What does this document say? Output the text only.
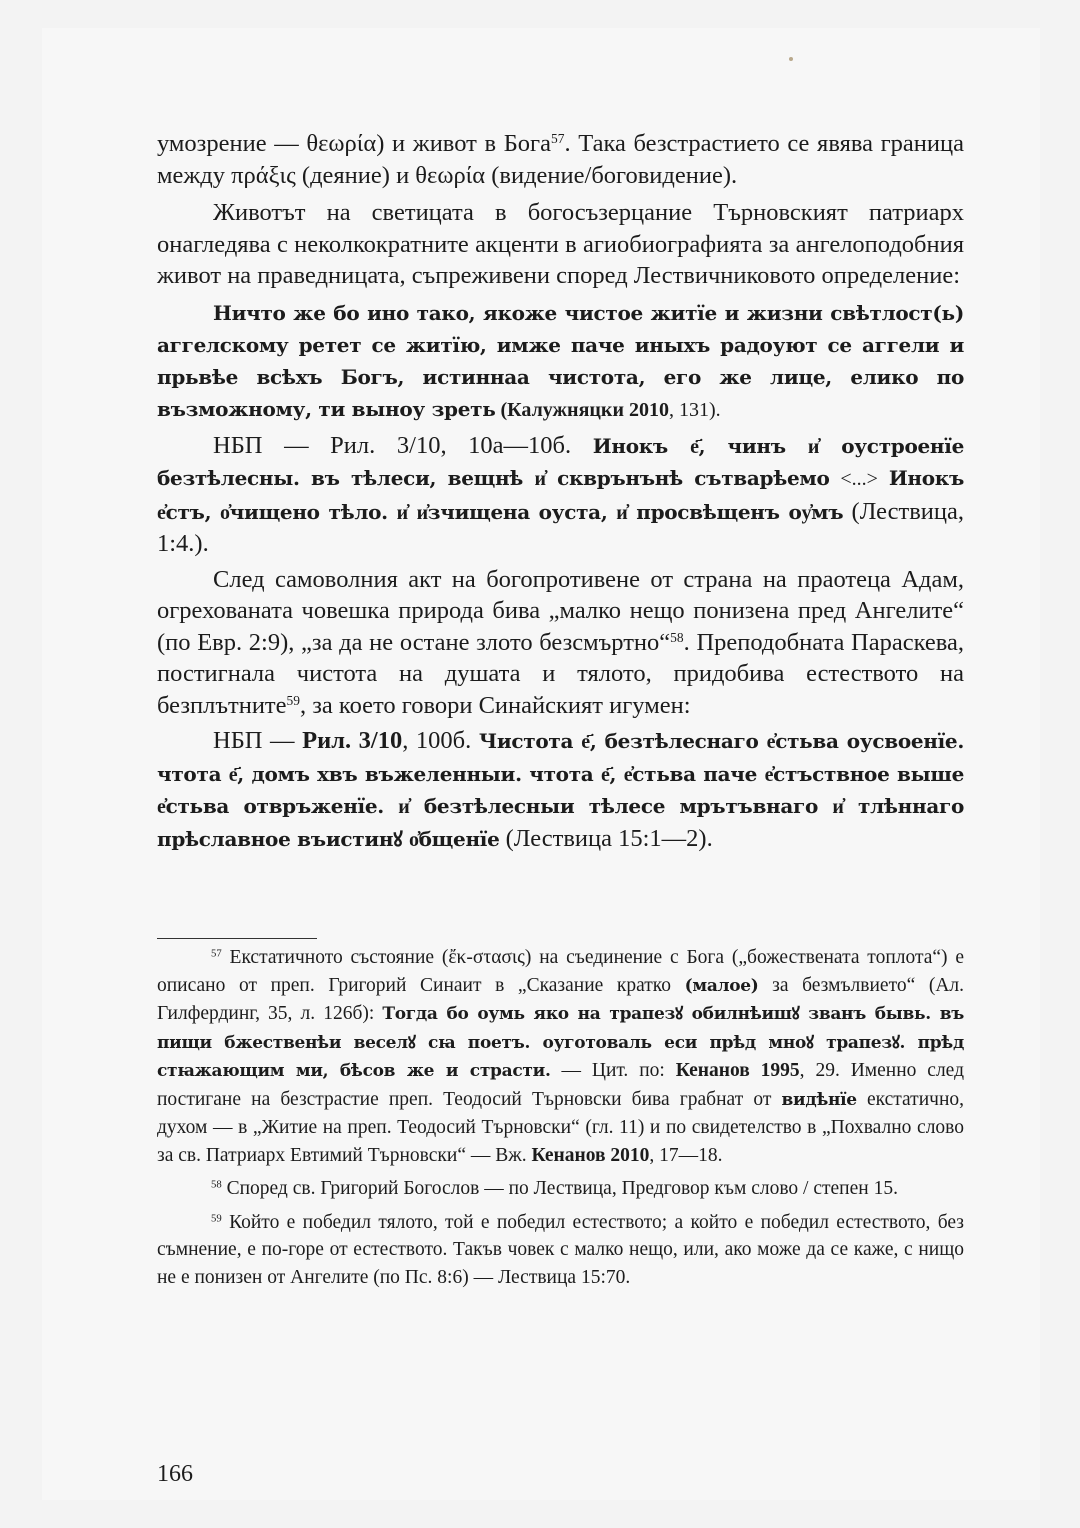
умозрение — θεωρία) и живот в Бога$^{57}$. Така безстрастието се явява граница между πράξις (деяние) и θεωρία (видение/боговидение).

Животът на светицата в богосъзерцание Търновският патриарх онагледява с неколкократните акценти в агиобиографията за ангелоподобния живот на праведницата, съпреживени според Лествичниковото определение:

Ничто же бо ино тако, якоже чистое житїе и жизни свѣтлост(ь) аггелскому ретет се житїю, имже паче иныхъ радоуют се аггели и прьвѣе всѣхъ Богъ, истиннаа чистота, его же лице, елико по възможному, ти выноу зреть (Калужняцки 2010, 131).

НБП — Рил. 3/10, 10а—10б. Инокъ е҃, чинъ и҆ оустроенїе безтѣлесны. въ тѣлеси, вещнѣ и҆ скврънънѣ сътварѣемо <...> Инокъ е҆стъ, о҆чищено тѣло. и҆ и҆зчищена оуста, и҆ просвѣщенъ оу҆мъ (Лествица, 1:4.).

След самоволния акт на богопротивене от страна на праотеца Адам, огрехованата човешка природа бива „малко нещо понизена пред Ангелите“ (по Евр. 2:9), „за да не остане злото безсмъртно“$^{58}$. Преподобната Параскева, постигнала чистота на душата и тялото, придобива естеството на безплътните$^{59}$, за което говори Синайският игумен:

НБП — Рил. 3/10, 100б. Чистота е҃, безтѣлеснаго е҆стьва оусвоенїе. чтота е҃, домъ хвъ въжеленныи. чтота е҃, е҆стьва паче е҆стъствное выше е҆стьва отвръженїе. и҆ безтѣлесныи тѣлесе мрътъвнаго и҆ тлѣннаго прѣславное въистинꙋ о҆бщенїе (Лествица 15:1—2).

$^{57}$ Екстатичното състояние (ἔκ-στασις) на съединение с Бога („божествената топлота“) е описано от преп. Григорий Синаит в „Сказание кратко (малое) за безмълвието“ (Ал. Гилфердинг, 35, л. 126б): Тогда бо оумь яко на трапезꙋ обилнѣишꙋ званъ бывь. въ пищи бжественѣи веселꙋ сꙗ поетъ. оуготоваль еси прѣд мноꙋ трапезꙋ. прѣд стꙗжающим ми, бѣсов же и страсти. — Цит. по: Кенанов 1995, 29. Именно след постигане на безстрастие преп. Теодосий Търновски бива грабнат от видѣнїе екстатично, духом — в „Житие на преп. Теодосий Търновски“ (гл. 11) и по свидетелство в „Похвално слово за св. Патриарх Евтимий Търновски“ — Вж. Кенанов 2010, 17—18.

$^{58}$ Според св. Григорий Богослов — по Лествица, Предговор към слово / степен 15.

$^{59}$ Който е победил тялото, той е победил естеството; а който е победил естеството, без съмнение, е по-горе от естеството. Такъв човек с малко нещо, или, ако може да се каже, с нищо не е понизен от Ангелите (по Пс. 8:6) — Лествица 15:70.

166
